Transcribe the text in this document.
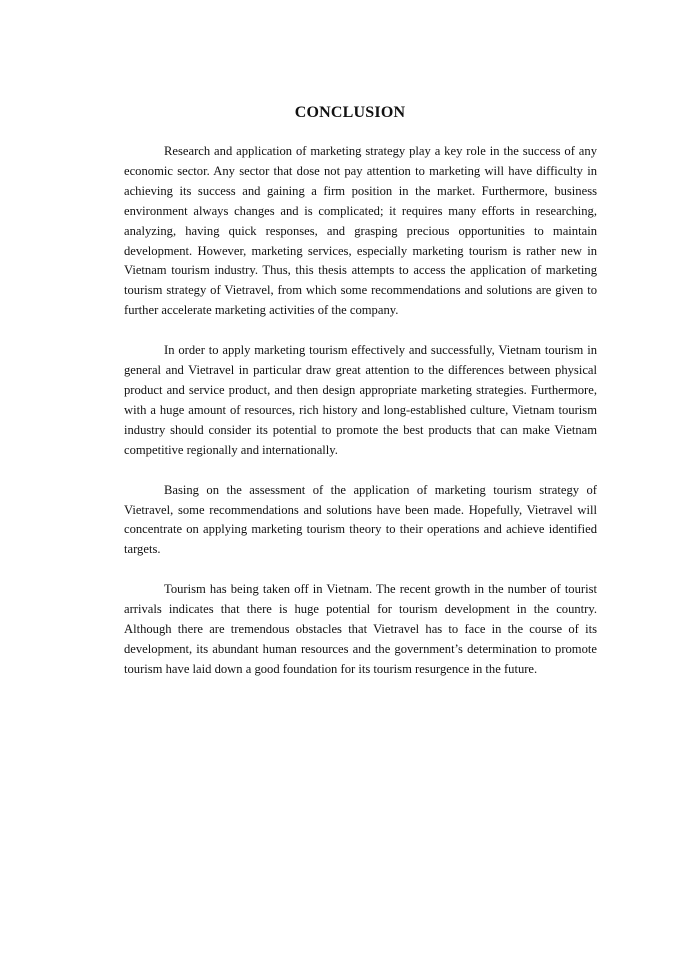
CONCLUSION

Research and application of marketing strategy play a key role in the success of any economic sector. Any sector that dose not pay attention to marketing will have difficulty in achieving its success and gaining a firm position in the market. Furthermore, business environment always changes and is complicated; it requires many efforts in researching, analyzing, having quick responses, and grasping precious opportunities to maintain development. However, marketing services, especially marketing tourism is rather new in Vietnam tourism industry. Thus, this thesis attempts to access the application of marketing tourism strategy of Vietravel, from which some recommendations and solutions are given to further accelerate marketing activities of the company.

In order to apply marketing tourism effectively and successfully, Vietnam tourism in general and Vietravel in particular draw great attention to the differences between physical product and service product, and then design appropriate marketing strategies. Furthermore, with a huge amount of resources, rich history and long-established culture, Vietnam tourism industry should consider its potential to promote the best products that can make Vietnam competitive regionally and internationally.

Basing on the assessment of the application of marketing tourism strategy of Vietravel, some recommendations and solutions have been made. Hopefully, Vietravel will concentrate on applying marketing tourism theory to their operations and achieve identified targets.

Tourism has being taken off in Vietnam. The recent growth in the number of tourist arrivals indicates that there is huge potential for tourism development in the country. Although there are tremendous obstacles that Vietravel has to face in the course of its development, its abundant human resources and the government’s determination to promote tourism have laid down a good foundation for its tourism resurgence in the future.
